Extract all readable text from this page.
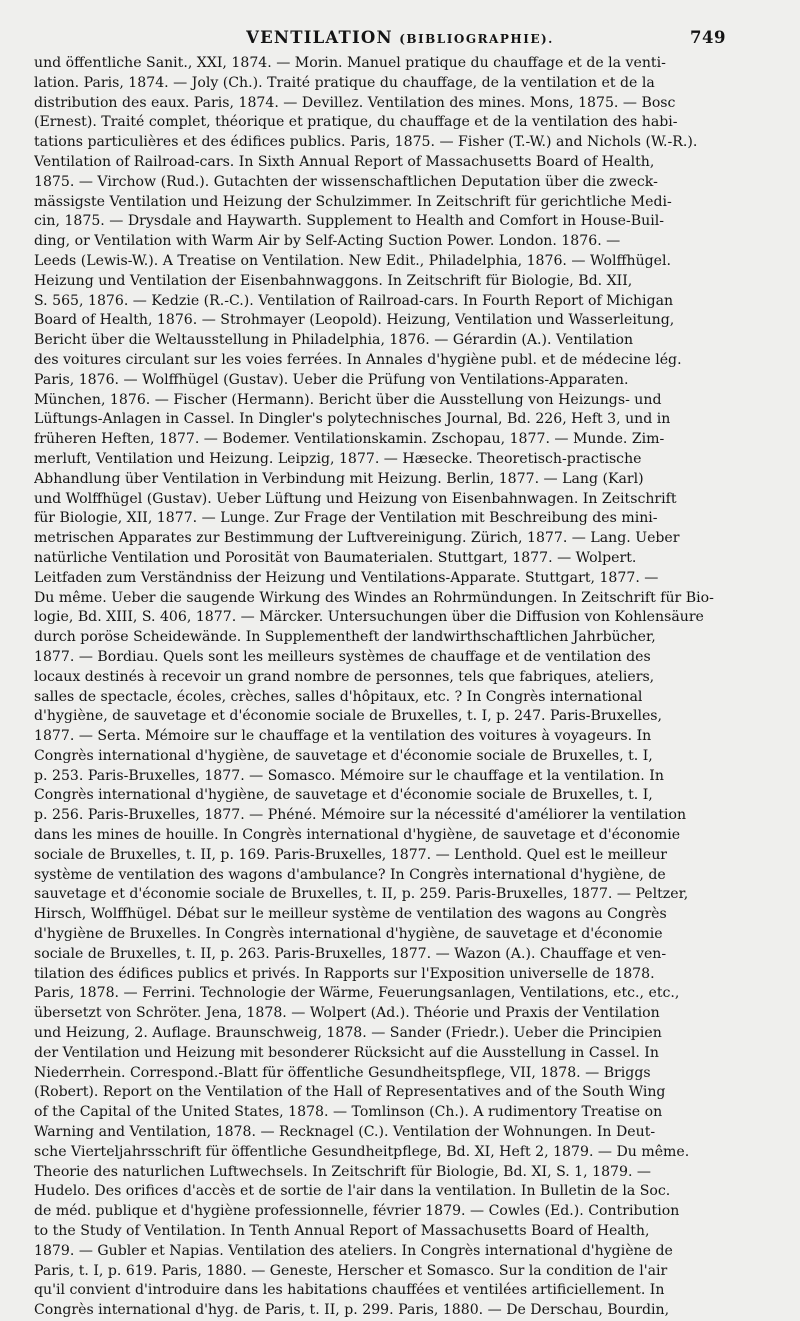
VENTILATION (BIBLIOGRAPHIE).	749
und öffentliche Sanit., XXI, 1874. — Morin. Manuel pratique du chauffage et de la venti-
lation. Paris, 1874. — Joly (Ch.). Traité pratique du chauffage, de la ventilation et de la
distribution des eaux. Paris, 1874. — Devillez. Ventilation des mines. Mons, 1875. — Bosc
(Ernest). Traité complet, théorique et pratique, du chauffage et de la ventilation des habi-
tations particulières et des édifices publics. Paris, 1875. — Fisher (T.-W.) and Nichols (W.-R.).
Ventilation of Railroad-cars. In Sixth Annual Report of Massachusetts Board of Health,
1875. — Virchow (Rud.). Gutachten der wissenschaftlichen Deputation über die zweck-
mässigste Ventilation und Heizung der Schulzimmer. In Zeitschrift für gerichtliche Medi-
cin, 1875. — Drysdale and Haywarth. Supplement to Health and Comfort in House-Buil-
ding, or Ventilation with Warm Air by Self-Acting Suction Power. London. 1876. —
Leeds (Lewis-W.). A Treatise on Ventilation. New Edit., Philadelphia, 1876. — Wolffhügel.
Heizung und Ventilation der Eisenbahnwaggons. In Zeitschrift für Biologie, Bd. XII,
S. 565, 1876. — Kedzie (R.-C.). Ventilation of Railroad-cars. In Fourth Report of Michigan
Board of Health, 1876. — Strohmayer (Leopold). Heizung, Ventilation und Wasserleitung,
Bericht über die Weltausstellung in Philadelphia, 1876. — Gérardin (A.). Ventilation
des voitures circulant sur les voies ferrées. In Annales d'hygiène publ. et de médecine lég.
Paris, 1876. — Wolffhügel (Gustav). Ueber die Prüfung von Ventilations-Apparaten.
München, 1876. — Fischer (Hermann). Bericht über die Ausstellung von Heizungs- und
Lüftungs-Anlagen in Cassel. In Dingler's polytechnisches Journal, Bd. 226, Heft 3, und in
früheren Heften, 1877. — Bodemer. Ventilationskamin. Zschopau, 1877. — Munde. Zim-
merluft, Ventilation und Heizung. Leipzig, 1877. — Hæsecke. Theoretisch-practische
Abhandlung über Ventilation in Verbindung mit Heizung. Berlin, 1877. — Lang (Karl)
und Wolffhügel (Gustav). Ueber Lüftung und Heizung von Eisenbahnwagen. In Zeitschrift
für Biologie, XII, 1877. — Lunge. Zur Frage der Ventilation mit Beschreibung des mini-
metrischen Apparates zur Bestimmung der Luftvereinigung. Zürich, 1877. — Lang. Ueber
natürliche Ventilation und Porosität von Baumaterialen. Stuttgart, 1877. — Wolpert.
Leitfaden zum Verständniss der Heizung und Ventilations-Apparate. Stuttgart, 1877. —
Du même. Ueber die saugende Wirkung des Windes an Rohrmündungen. In Zeitschrift für Bio-
logie, Bd. XIII, S. 406, 1877. — Märcker. Untersuchungen über die Diffusion von Kohlensäure
durch poröse Scheidewände. In Supplementheft der landwirthschaftlichen Jahrbücher,
1877. — Bordiau. Quels sont les meilleurs systèmes de chauffage et de ventilation des
locaux destinés à recevoir un grand nombre de personnes, tels que fabriques, ateliers,
salles de spectacle, écoles, crèches, salles d'hôpitaux, etc. ? In Congrès international
d'hygiène, de sauvetage et d'économie sociale de Bruxelles, t. I, p. 247. Paris-Bruxelles,
1877. — Serta. Mémoire sur le chauffage et la ventilation des voitures à voyageurs. In
Congrès international d'hygiène, de sauvetage et d'économie sociale de Bruxelles, t. I,
p. 253. Paris-Bruxelles, 1877. — Somasco. Mémoire sur le chauffage et la ventilation. In
Congrès international d'hygiène, de sauvetage et d'économie sociale de Bruxelles, t. I,
p. 256. Paris-Bruxelles, 1877. — Phéné. Mémoire sur la nécessité d'améliorer la ventilation
dans les mines de houille. In Congrès international d'hygiène, de sauvetage et d'économie
sociale de Bruxelles, t. II, p. 169. Paris-Bruxelles, 1877. — Lenthold. Quel est le meilleur
système de ventilation des wagons d'ambulance? In Congrès international d'hygiène, de
sauvetage et d'économie sociale de Bruxelles, t. II, p. 259. Paris-Bruxelles, 1877. — Peltzer,
Hirsch, Wolffhügel. Débat sur le meilleur système de ventilation des wagons au Congrès
d'hygiène de Bruxelles. In Congrès international d'hygiène, de sauvetage et d'économie
sociale de Bruxelles, t. II, p. 263. Paris-Bruxelles, 1877. — Wazon (A.). Chauffage et ven-
tilation des édifices publics et privés. In Rapports sur l'Exposition universelle de 1878.
Paris, 1878. — Ferrini. Technologie der Wärme, Feuerungsanlagen, Ventilations, etc., etc.,
übersetzt von Schröter. Jena, 1878. — Wolpert (Ad.). Théorie und Praxis der Ventilation
und Heizung, 2. Auflage. Braunschweig, 1878. — Sander (Friedr.). Ueber die Principien
der Ventilation und Heizung mit besonderer Rücksicht auf die Ausstellung in Cassel. In
Niederrhein. Correspond.-Blatt für öffentliche Gesundheitspflege, VII, 1878. — Briggs
(Robert). Report on the Ventilation of the Hall of Representatives and of the South Wing
of the Capital of the United States, 1878. — Tomlinson (Ch.). A rudimentory Treatise on
Warning and Ventilation, 1878. — Recknagel (C.). Ventilation der Wohnungen. In Deut-
sche Vierteljahrsschrift für öffentliche Gesundheitpflege, Bd. XI, Heft 2, 1879. — Du même.
Theorie des naturlichen Luftwechsels. In Zeitschrift für Biologie, Bd. XI, S. 1, 1879. —
Hudelo. Des orifices d'accès et de sortie de l'air dans la ventilation. In Bulletin de la Soc.
de méd. publique et d'hygiène professionnelle, février 1879. — Cowles (Ed.). Contribution
to the Study of Ventilation. In Tenth Annual Report of Massachusetts Board of Health,
1879. — Gubler et Napias. Ventilation des ateliers. In Congrès international d'hygiène de
Paris, t. I, p. 619. Paris, 1880. — Geneste, Herscher et Somasco. Sur la condition de l'air
qu'il convient d'introduire dans les habitations chauffées et ventilées artificiellement. In
Congrès international d'hyg. de Paris, t. II, p. 299. Paris, 1880. — De Derschau, Bourdin,
